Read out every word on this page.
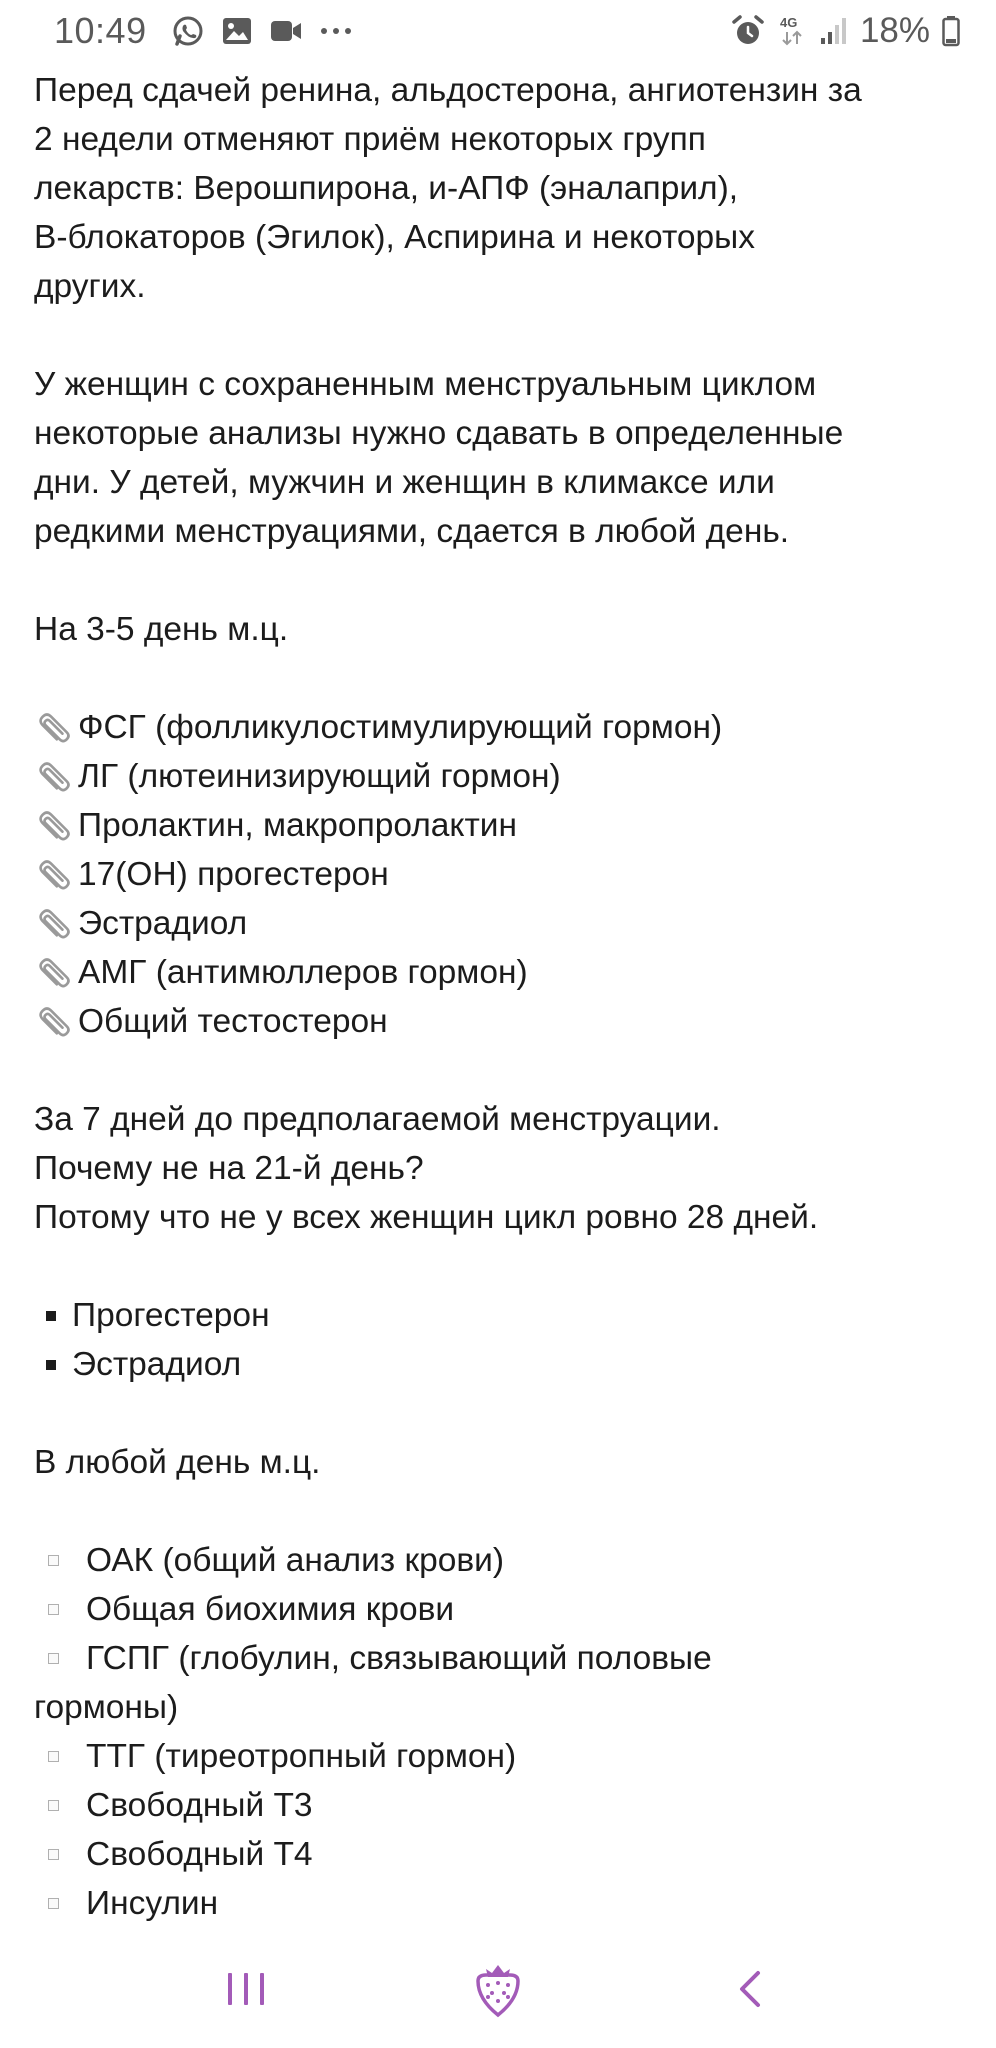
10:49	4G 18%
Перед сдачей ренина, альдостерона, ангиотензин за
2 недели отменяют приём некоторых групп
лекарств: Верошпирона, и-АПФ (эналаприл),
В-блокаторов (Эгилок), Аспирина и некоторых
других.
У женщин с сохраненным менструальным циклом
некоторые анализы нужно сдавать в определенные
дни. У детей, мужчин и женщин в климаксе или
редкими менструациями, сдается в любой день.
На 3-5 день м.ц.
ФСГ (фолликулостимулирующий гормон)
ЛГ (лютеинизирующий гормон)
Пролактин, макропролактин
17(ОН) прогестерон
Эстрадиол
АМГ (антимюллеров гормон)
Общий тестостерон
За 7 дней до предполагаемой менструации.
Почему не на 21-й день?
Потому что не у всех женщин цикл ровно 28 дней.
Прогестерон
Эстрадиол
В любой день м.ц.
ОАК (общий анализ крови)
Общая биохимия крови
ГСПГ (глобулин, связывающий половые
гормоны)
ТТГ (тиреотропный гормон)
Свободный Т3
Свободный Т4
Инсулин
